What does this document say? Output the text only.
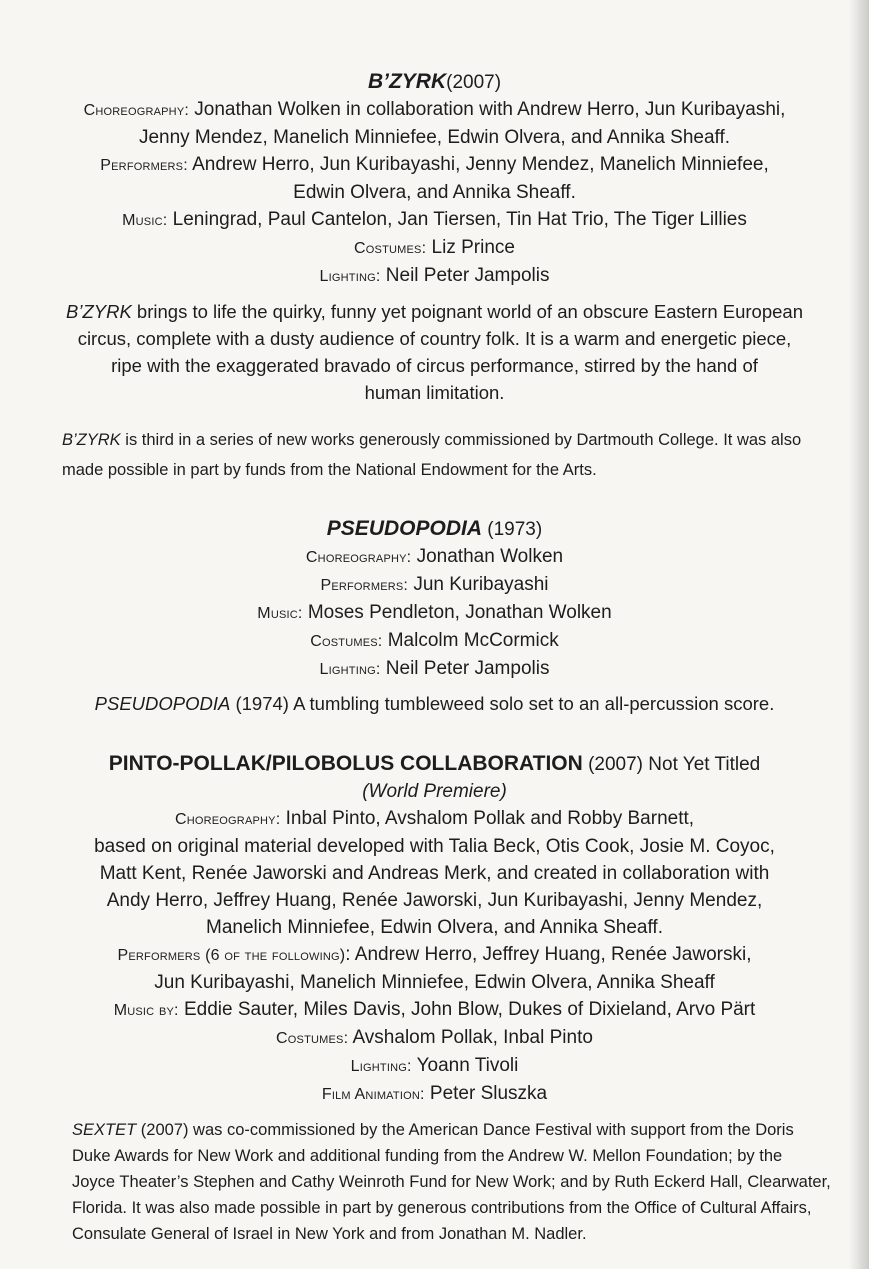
B’ZYRK(2007)

Choreography: Jonathan Wolken in collaboration with Andrew Herro, Jun Kuribayashi,

Jenny Mendez, Manelich Minniefee, Edwin Olvera, and Annika Sheaff.

Performers: Andrew Herro, Jun Kuribayashi, Jenny Mendez, Manelich Minniefee,

Edwin Olvera, and Annika Sheaff.

Music: Leningrad, Paul Cantelon, Jan Tiersen, Tin Hat Trio, The Tiger Lillies

Costumes: Liz Prince

Lighting: Neil Peter Jampolis

B’ZYRK brings to life the quirky, funny yet poignant world of an obscure Eastern European

circus, complete with a dusty audience of country folk. It is a warm and energetic piece,

ripe with the exaggerated bravado of circus performance, stirred by the hand of

human limitation.

B’ZYRK is third in a series of new works generously commissioned by Dartmouth College. It was also

made possible in part by funds from the National Endowment for the Arts.

PSEUDOPODIA (1973)

Choreography: Jonathan Wolken

Performers: Jun Kuribayashi

Music: Moses Pendleton, Jonathan Wolken

Costumes: Malcolm McCormick

Lighting: Neil Peter Jampolis

PSEUDOPODIA (1974) A tumbling tumbleweed solo set to an all-percussion score.

PINTO-POLLAK/PILOBOLUS COLLABORATION (2007) Not Yet Titled

(World Premiere)

Choreography: Inbal Pinto, Avshalom Pollak and Robby Barnett,

based on original material developed with Talia Beck, Otis Cook, Josie M. Coyoc,

Matt Kent, Renée Jaworski and Andreas Merk, and created in collaboration with

Andy Herro, Jeffrey Huang, Renée Jaworski, Jun Kuribayashi, Jenny Mendez,

Manelich Minniefee, Edwin Olvera, and Annika Sheaff.

Performers (6 of the following): Andrew Herro, Jeffrey Huang, Renée Jaworski,

Jun Kuribayashi, Manelich Minniefee, Edwin Olvera, Annika Sheaff

Music by: Eddie Sauter, Miles Davis, John Blow, Dukes of Dixieland, Arvo Pärt

Costumes: Avshalom Pollak, Inbal Pinto

Lighting: Yoann Tivoli

Film Animation: Peter Sluszka

SEXTET (2007) was co-commissioned by the American Dance Festival with support from the Doris

Duke Awards for New Work and additional funding from the Andrew W. Mellon Foundation; by the

Joyce Theater’s Stephen and Cathy Weinroth Fund for New Work; and by Ruth Eckerd Hall, Clearwater,

Florida. It was also made possible in part by generous contributions from the Office of Cultural Affairs,

Consulate General of Israel in New York and from Jonathan M. Nadler.
